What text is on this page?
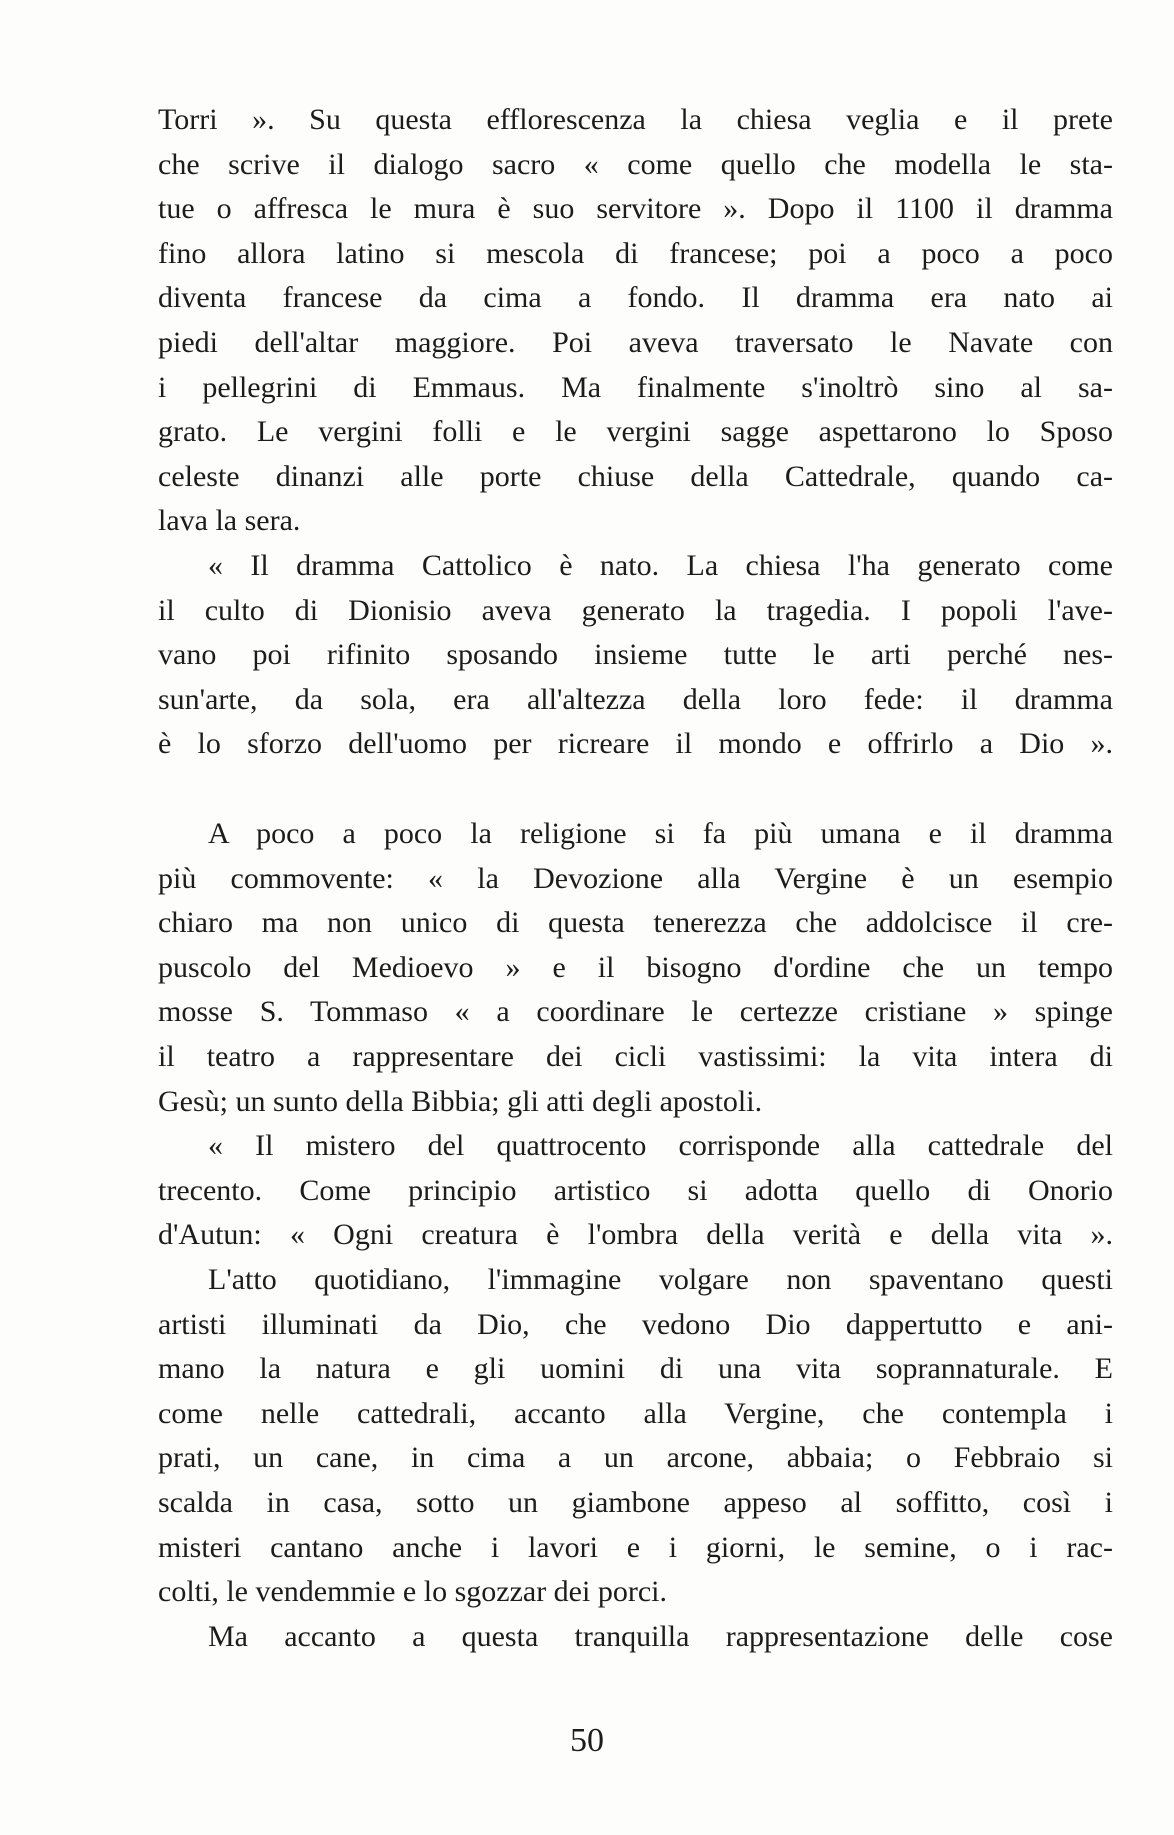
Torri ». Su questa efflorescenza la chiesa veglia e il prete
che scrive il dialogo sacro « come quello che modella le sta-
tue o affresca le mura è suo servitore ». Dopo il 1100 il dramma
fino allora latino si mescola di francese; poi a poco a poco
diventa francese da cima a fondo. Il dramma era nato ai
piedi dell'altar maggiore. Poi aveva traversato le Navate con
i pellegrini di Emmaus. Ma finalmente s'inoltrò sino al sa-
grato. Le vergini folli e le vergini sagge aspettarono lo Sposo
celeste dinanzi alle porte chiuse della Cattedrale, quando ca-
lava la sera.
« Il dramma Cattolico è nato. La chiesa l'ha generato come
il culto di Dionisio aveva generato la tragedia. I popoli l'ave-
vano poi rifinito sposando insieme tutte le arti perché nes-
sun'arte, da sola, era all'altezza della loro fede: il dramma
è lo sforzo dell'uomo per ricreare il mondo e offrirlo a Dio ».
A poco a poco la religione si fa più umana e il dramma
più commovente: « la Devozione alla Vergine è un esempio
chiaro ma non unico di questa tenerezza che addolcisce il cre-
puscolo del Medioevo » e il bisogno d'ordine che un tempo
mosse S. Tommaso « a coordinare le certezze cristiane » spinge
il teatro a rappresentare dei cicli vastissimi: la vita intera di
Gesù; un sunto della Bibbia; gli atti degli apostoli.
« Il mistero del quattrocento corrisponde alla cattedrale del
trecento. Come principio artistico si adotta quello di Onorio
d'Autun: « Ogni creatura è l'ombra della verità e della vita ».
L'atto quotidiano, l'immagine volgare non spaventano questi
artisti illuminati da Dio, che vedono Dio dappertutto e ani-
mano la natura e gli uomini di una vita soprannaturale. E
come nelle cattedrali, accanto alla Vergine, che contempla i
prati, un cane, in cima a un arcone, abbaia; o Febbraio si
scalda in casa, sotto un giambone appeso al soffitto, così i
misteri cantano anche i lavori e i giorni, le semine, o i rac-
colti, le vendemmie e lo sgozzar dei porci.
Ma accanto a questa tranquilla rappresentazione delle cose
50
